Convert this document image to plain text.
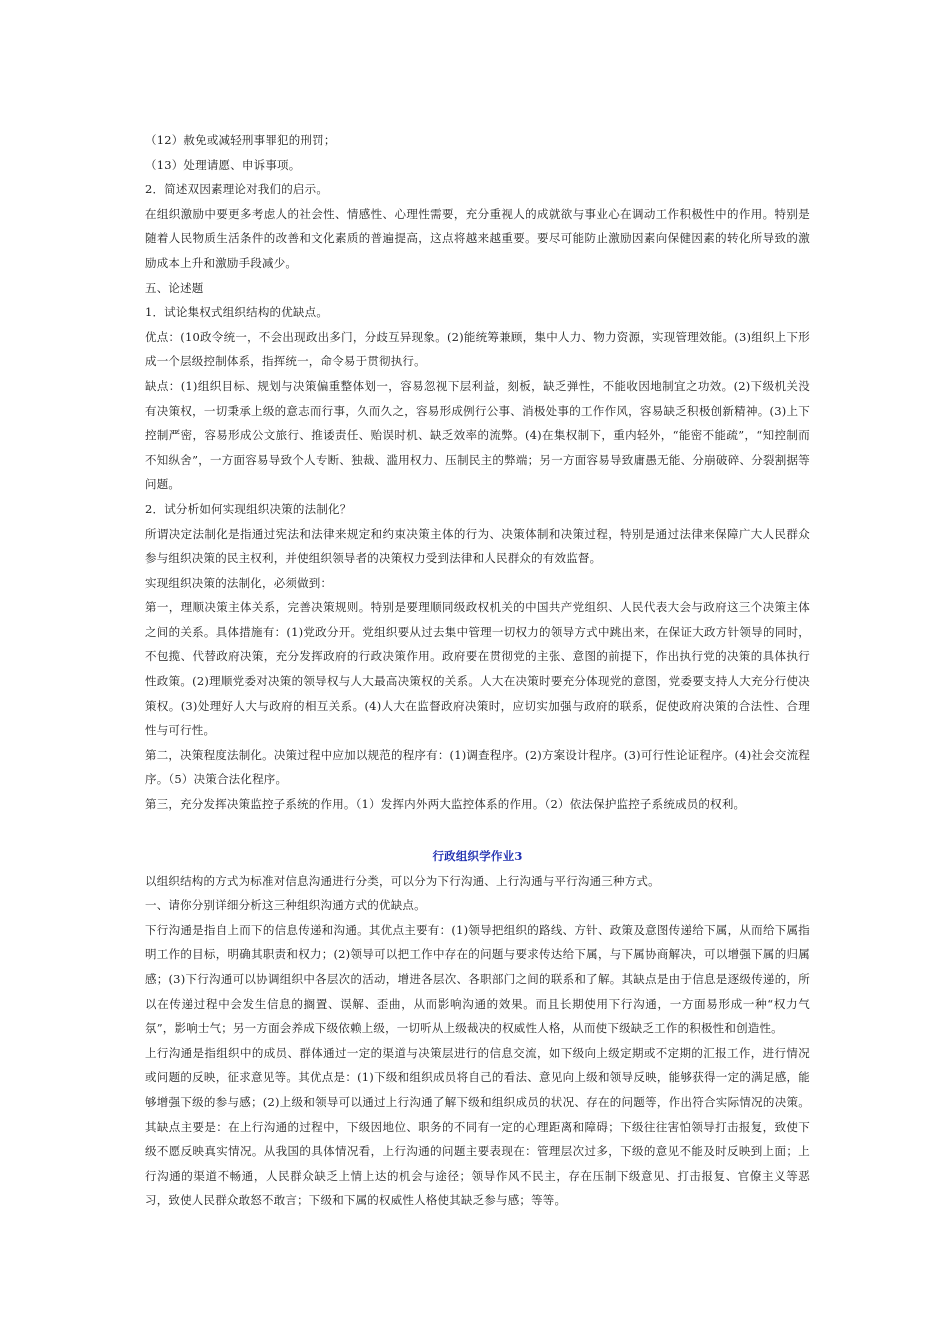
（12）赦免或减轻刑事罪犯的刑罚；

（13）处理请愿、申诉事项。

2．简述双因素理论对我们的启示。

在组织激励中要更多考虑人的社会性、情感性、心理性需要，充分重视人的成就欲与事业心在调动工作积极性中的作用。特别是随着人民物质生活条件的改善和文化素质的普遍提高，这点将越来越重要。要尽可能防止激励因素向保健因素的转化所导致的激励成本上升和激励手段减少。

五、论述题

1．试论集权式组织结构的优缺点。

优点：(10政令统一，不会出现政出多门，分歧互异现象。(2)能统筹兼顾，集中人力、物力资源，实现管理效能。(3)组织上下形成一个层级控制体系，指挥统一，命令易于贯彻执行。

缺点：(1)组织目标、规划与决策偏重整体划一，容易忽视下层利益，刻板，缺乏弹性，不能收因地制宜之功效。(2)下级机关没有决策权，一切秉承上级的意志而行事，久而久之，容易形成例行公事、消极处事的工作作风，容易缺乏积极创新精神。(3)上下控制严密，容易形成公文旅行、推诿责任、贻误时机、缺乏效率的流弊。(4)在集权制下，重内轻外，“能密不能疏”，“知控制而不知纵舍”，一方面容易导致个人专断、独裁、滥用权力、压制民主的弊端；另一方面容易导致庸愚无能、分崩破碎、分裂割据等问题。

2．试分析如何实现组织决策的法制化？

所谓决定法制化是指通过宪法和法律来规定和约束决策主体的行为、决策体制和决策过程，特别是通过法律来保障广大人民群众参与组织决策的民主权利，并使组织领导者的决策权力受到法律和人民群众的有效监督。

实现组织决策的法制化，必须做到：

第一，理顺决策主体关系，完善决策规则。特别是要理顺同级政权机关的中国共产党组织、人民代表大会与政府这三个决策主体之间的关系。具体措施有：(1)党政分开。党组织要从过去集中管理一切权力的领导方式中跳出来，在保证大政方针领导的同时，不包揽、代替政府决策，充分发挥政府的行政决策作用。政府要在贯彻党的主张、意图的前提下，作出执行党的决策的具体执行性政策。(2)理顺党委对决策的领导权与人大最高决策权的关系。人大在决策时要充分体现党的意图，党委要支持人大充分行使决策权。(3)处理好人大与政府的相互关系。(4)人大在监督政府决策时，应切实加强与政府的联系，促使政府决策的合法性、合理性与可行性。

第二，决策程度法制化。决策过程中应加以规范的程序有：(1)调查程序。(2)方案设计程序。(3)可行性论证程序。(4)社会交流程序。（5）决策合法化程序。

第三，充分发挥决策监控子系统的作用。（1）发挥内外两大监控体系的作用。（2）依法保护监控子系统成员的权利。

行政组织学作业3

以组织结构的方式为标准对信息沟通进行分类，可以分为下行沟通、上行沟通与平行沟通三种方式。

一、请你分别详细分析这三种组织沟通方式的优缺点。

下行沟通是指自上而下的信息传递和沟通。其优点主要有：(1)领导把组织的路线、方针、政策及意图传递给下属，从而给下属指明工作的目标，明确其职责和权力；(2)领导可以把工作中存在的问题与要求传达给下属，与下属协商解决，可以增强下属的归属感；(3)下行沟通可以协调组织中各层次的活动，增进各层次、各职部门之间的联系和了解。其缺点是由于信息是逐级传递的，所以在传递过程中会发生信息的搁置、误解、歪曲，从而影响沟通的效果。而且长期使用下行沟通，一方面易形成一种“权力气氛”，影响士气；另一方面会养成下级依赖上级，一切听从上级裁决的权威性人格，从而使下级缺乏工作的积极性和创造性。

上行沟通是指组织中的成员、群体通过一定的渠道与决策层进行的信息交流，如下级向上级定期或不定期的汇报工作，进行情况或问题的反映，征求意见等。其优点是：(1)下级和组织成员将自己的看法、意见向上级和领导反映，能够获得一定的满足感，能够增强下级的参与感；(2)上级和领导可以通过上行沟通了解下级和组织成员的状况、存在的问题等，作出符合实际情况的决策。其缺点主要是：在上行沟通的过程中，下级因地位、职务的不同有一定的心理距离和障碍；下级往往害怕领导打击报复，致使下级不愿反映真实情况。从我国的具体情况看，上行沟通的问题主要表现在：管理层次过多，下级的意见不能及时反映到上面；上行沟通的渠道不畅通，人民群众缺乏上情上达的机会与途径；领导作风不民主，存在压制下级意见、打击报复、官僚主义等恶习，致使人民群众敢怒不敢言；下级和下属的权威性人格使其缺乏参与感；等等。
